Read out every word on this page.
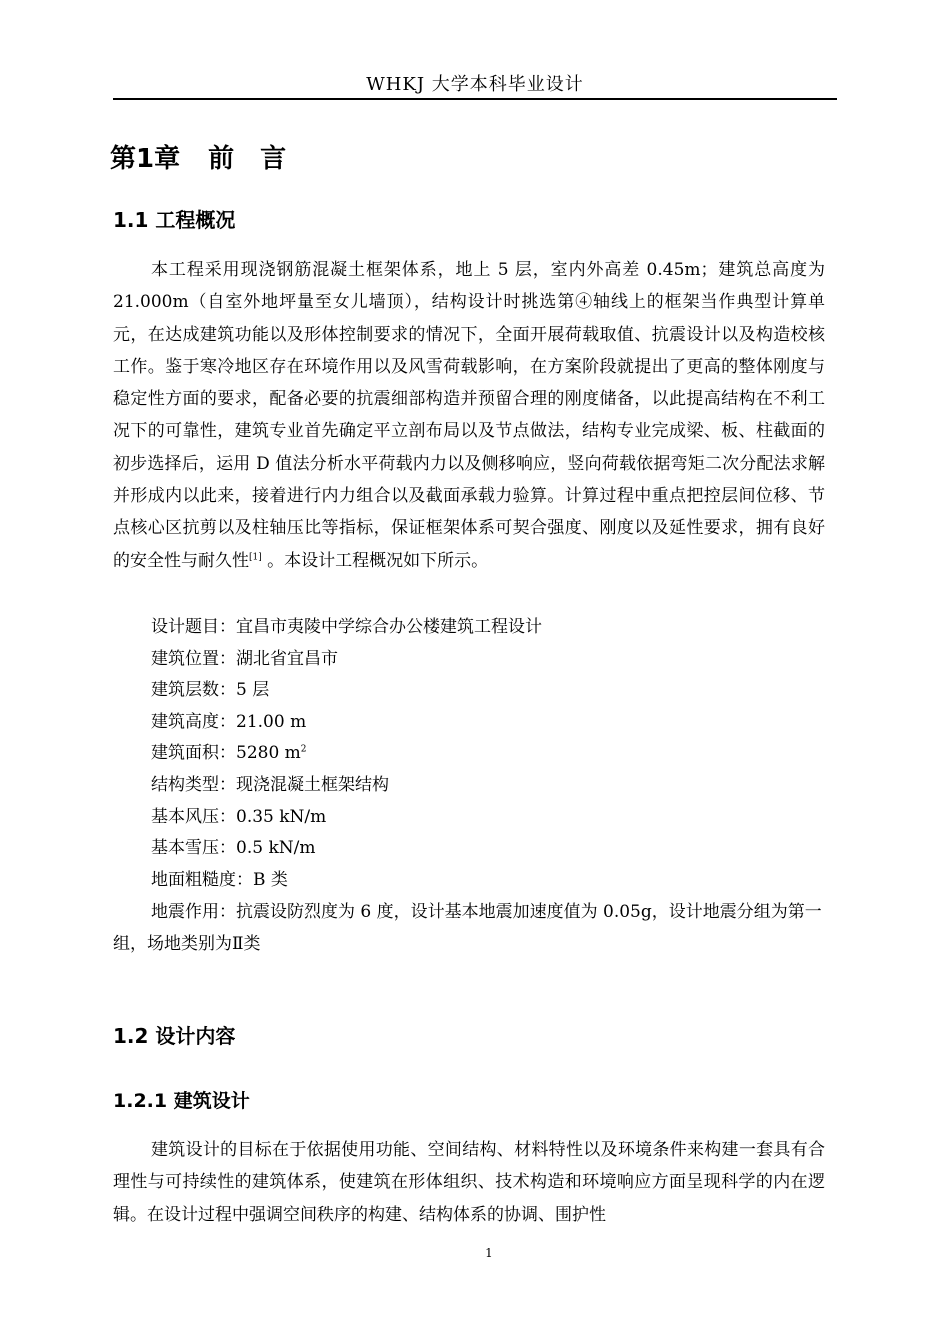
WHKJ 大学本科毕业设计
第1章 前　言
1.1 工程概况

本工程采用现浇钢筋混凝土框架体系，地上 5 层，室内外高差 0.45m；建筑总高度为 21.000m（自室外地坪量至女儿墙顶），结构设计时挑选第④轴线上的框架当作典型计算单元，在达成建筑功能以及形体控制要求的情况下，全面开展荷载取值、抗震设计以及构造校核工作。鉴于寒冷地区存在环境作用以及风雪荷载影响，在方案阶段就提出了更高的整体刚度与稳定性方面的要求，配备必要的抗震细部构造并预留合理的刚度储备，以此提高结构在不利工况下的可靠性，建筑专业首先确定平立剖布局以及节点做法，结构专业完成梁、板、柱截面的初步选择后，运用 D 值法分析水平荷载内力以及侧移响应，竖向荷载依据弯矩二次分配法求解并形成内以此来，接着进行内力组合以及截面承载力验算。计算过程中重点把控层间位移、节点核心区抗剪以及柱轴压比等指标，保证框架体系可契合强度、刚度以及延性要求，拥有良好的安全性与耐久性[1] 。本设计工程概况如下所示。

设计题目：宜昌市夷陵中学综合办公楼建筑工程设计
建筑位置：湖北省宜昌市
建筑层数：5 层
建筑高度：21.00 m
建筑面积：5280 $m^2$
结构类型：现浇混凝土框架结构
基本风压：0.35 kN/m
基本雪压：0.5 kN/m
地面粗糙度：B 类
地震作用：抗震设防烈度为 6 度，设计基本地震加速度值为 0.05g，设计地震分组为第一组，场地类别为Ⅱ类
1.2 设计内容
1.2.1 建筑设计

建筑设计的目标在于依据使用功能、空间结构、材料特性以及环境条件来构建一套具有合理性与可持续性的建筑体系，使建筑在形体组织、技术构造和环境响应方面呈现科学的内在逻辑。在设计过程中强调空间秩序的构建、结构体系的协调、围护性

1
